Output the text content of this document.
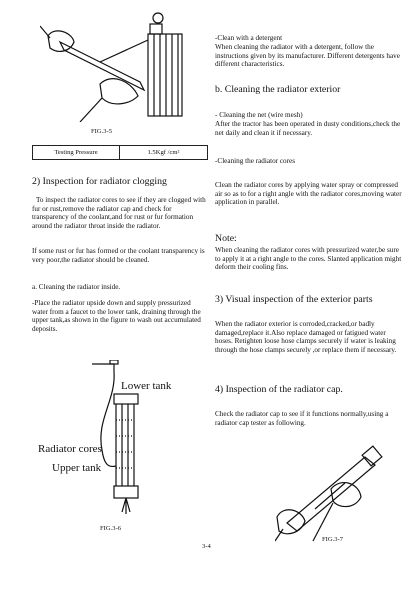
FIG.3-5
Testing Pressure	1.5Kgf /cm²
2) Inspection for radiator clogging

To inspect the radiator cores to see if they are clogged with fur or rust,remove the radiator cap and check for transparency of the coolant,and for rust or fur formation around the radiator throat inside the radiator.

If some rust or fur has formed or the coolant transparency is very poor,the radiator should be cleaned.

a. Cleaning the radiator inside.

-Place the radiator upside down and supply pressurized water from a faucet to the lower tank, draining through the upper tank,as shown in the figure to wash out accumulated deposits.

Lower tank
Radiator cores
Upper tank
FIG.3-6

-Clean with a detergent

When cleaning the radiator with a detergent, follow the instructions given by its manufacturer. Different detergents have different characteristics.

b. Cleaning the radiator exterior

- Cleaning the net (wire mesh)

After the tractor has been operated in dusty conditions,check the net daily and clean it if necessary.

-Cleaning the radiator cores

Clean the radiator cores by applying water spray or compressed air so as to for a right angle with the radiator cores,moving water application in parallel.

Note:

When cleaning the radiator cores with pressurized water,be sure to apply it at a right angle to the cores. Slanted application might deform their cooling fins.

3) Visual inspection of the exterior parts

When the radiator exterior is corroded,cracked,or badly damaged,replace it.Also replace damaged or fatigued water hoses. Retighten loose hose clamps securely if water is leaking through the hose clamps securely ,or replace them if necessary.

4) Inspection of the radiator cap.

Check the radiator cap to see if it functions normally,using a radiator cap tester as following.

FIG.3-7
3-4
